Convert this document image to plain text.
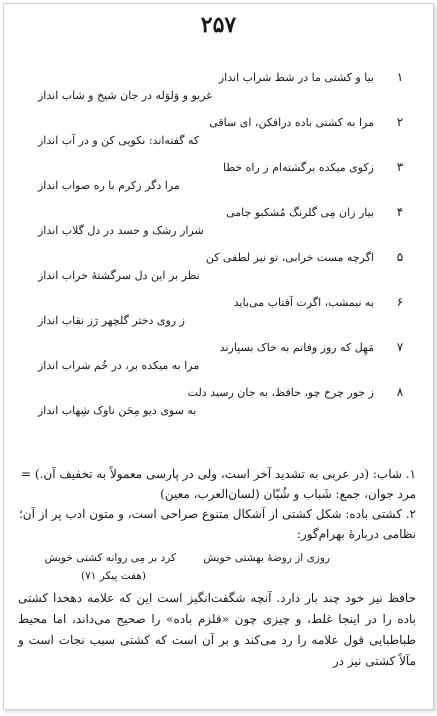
۲۵۷
۱
بیا و کشتی ما در شط شراب انداز
غریو و وَلوَله در جان شیخ و شاب انداز
۲
مرا به کشتی باده درافکن، ای ساقی
که گفته‌اند: نکویی کن و در آب انداز
۳
زکوی میکده برگشته‌ام ز راه خطا
مرا دگر زکرم با ره صواب انداز
۴
بیار زان مِی گلرنگ مُشکبو جامی
شرار رشک و حسد در دل گلاب انداز
۵
اگرچه مست خرابی، تو نیز لطفی کن
نظر بر این دل سرگشتهٔ خراب انداز
۶
به نیمشب، اگرت آفتاب می‌باید
ز روی دختر گلچهر رَز نقاب انداز
۷
مَهِل که روز وفاتم به خاک بسپارند
مرا به میکده بر، در خُم شراب انداز
۸
ز جور چرخ چو، حافظ، به جان رسید دلت
به سوی دیو مِحَن ناوک شِهاب انداز

۱. شاب: (در عربی به تشدید آخر است، ولی در پارسی معمولاً به تخفیف آن.) = مرد جوان، جمع: شَباب و شُبّان (لسان‌العرب، معین)

۲. کشتی باده: شکل کشتی از اَشکال متنوع صراحی است، و متون ادب پر از آن؛ نظامی دربارهٔ بهرام‌گور:

روزی از روضهٔ بهشتی خویش
کرد بر مِی روانه کشتی خویش
(هفت پیکر ۷۱)

حافظ نیز خود چند بار دارد. آنچه شگفت‌انگیز است این که علامه دهخدا کشتی باده را در اینجا غلط، و چیزی چون «قلزم باده» را صحیح می‌داند، اما محیط طباطبایی قول علامه را رد می‌کند و بر آن است که کشتی سبب نجات است و مآلاً کشتی نیز در
